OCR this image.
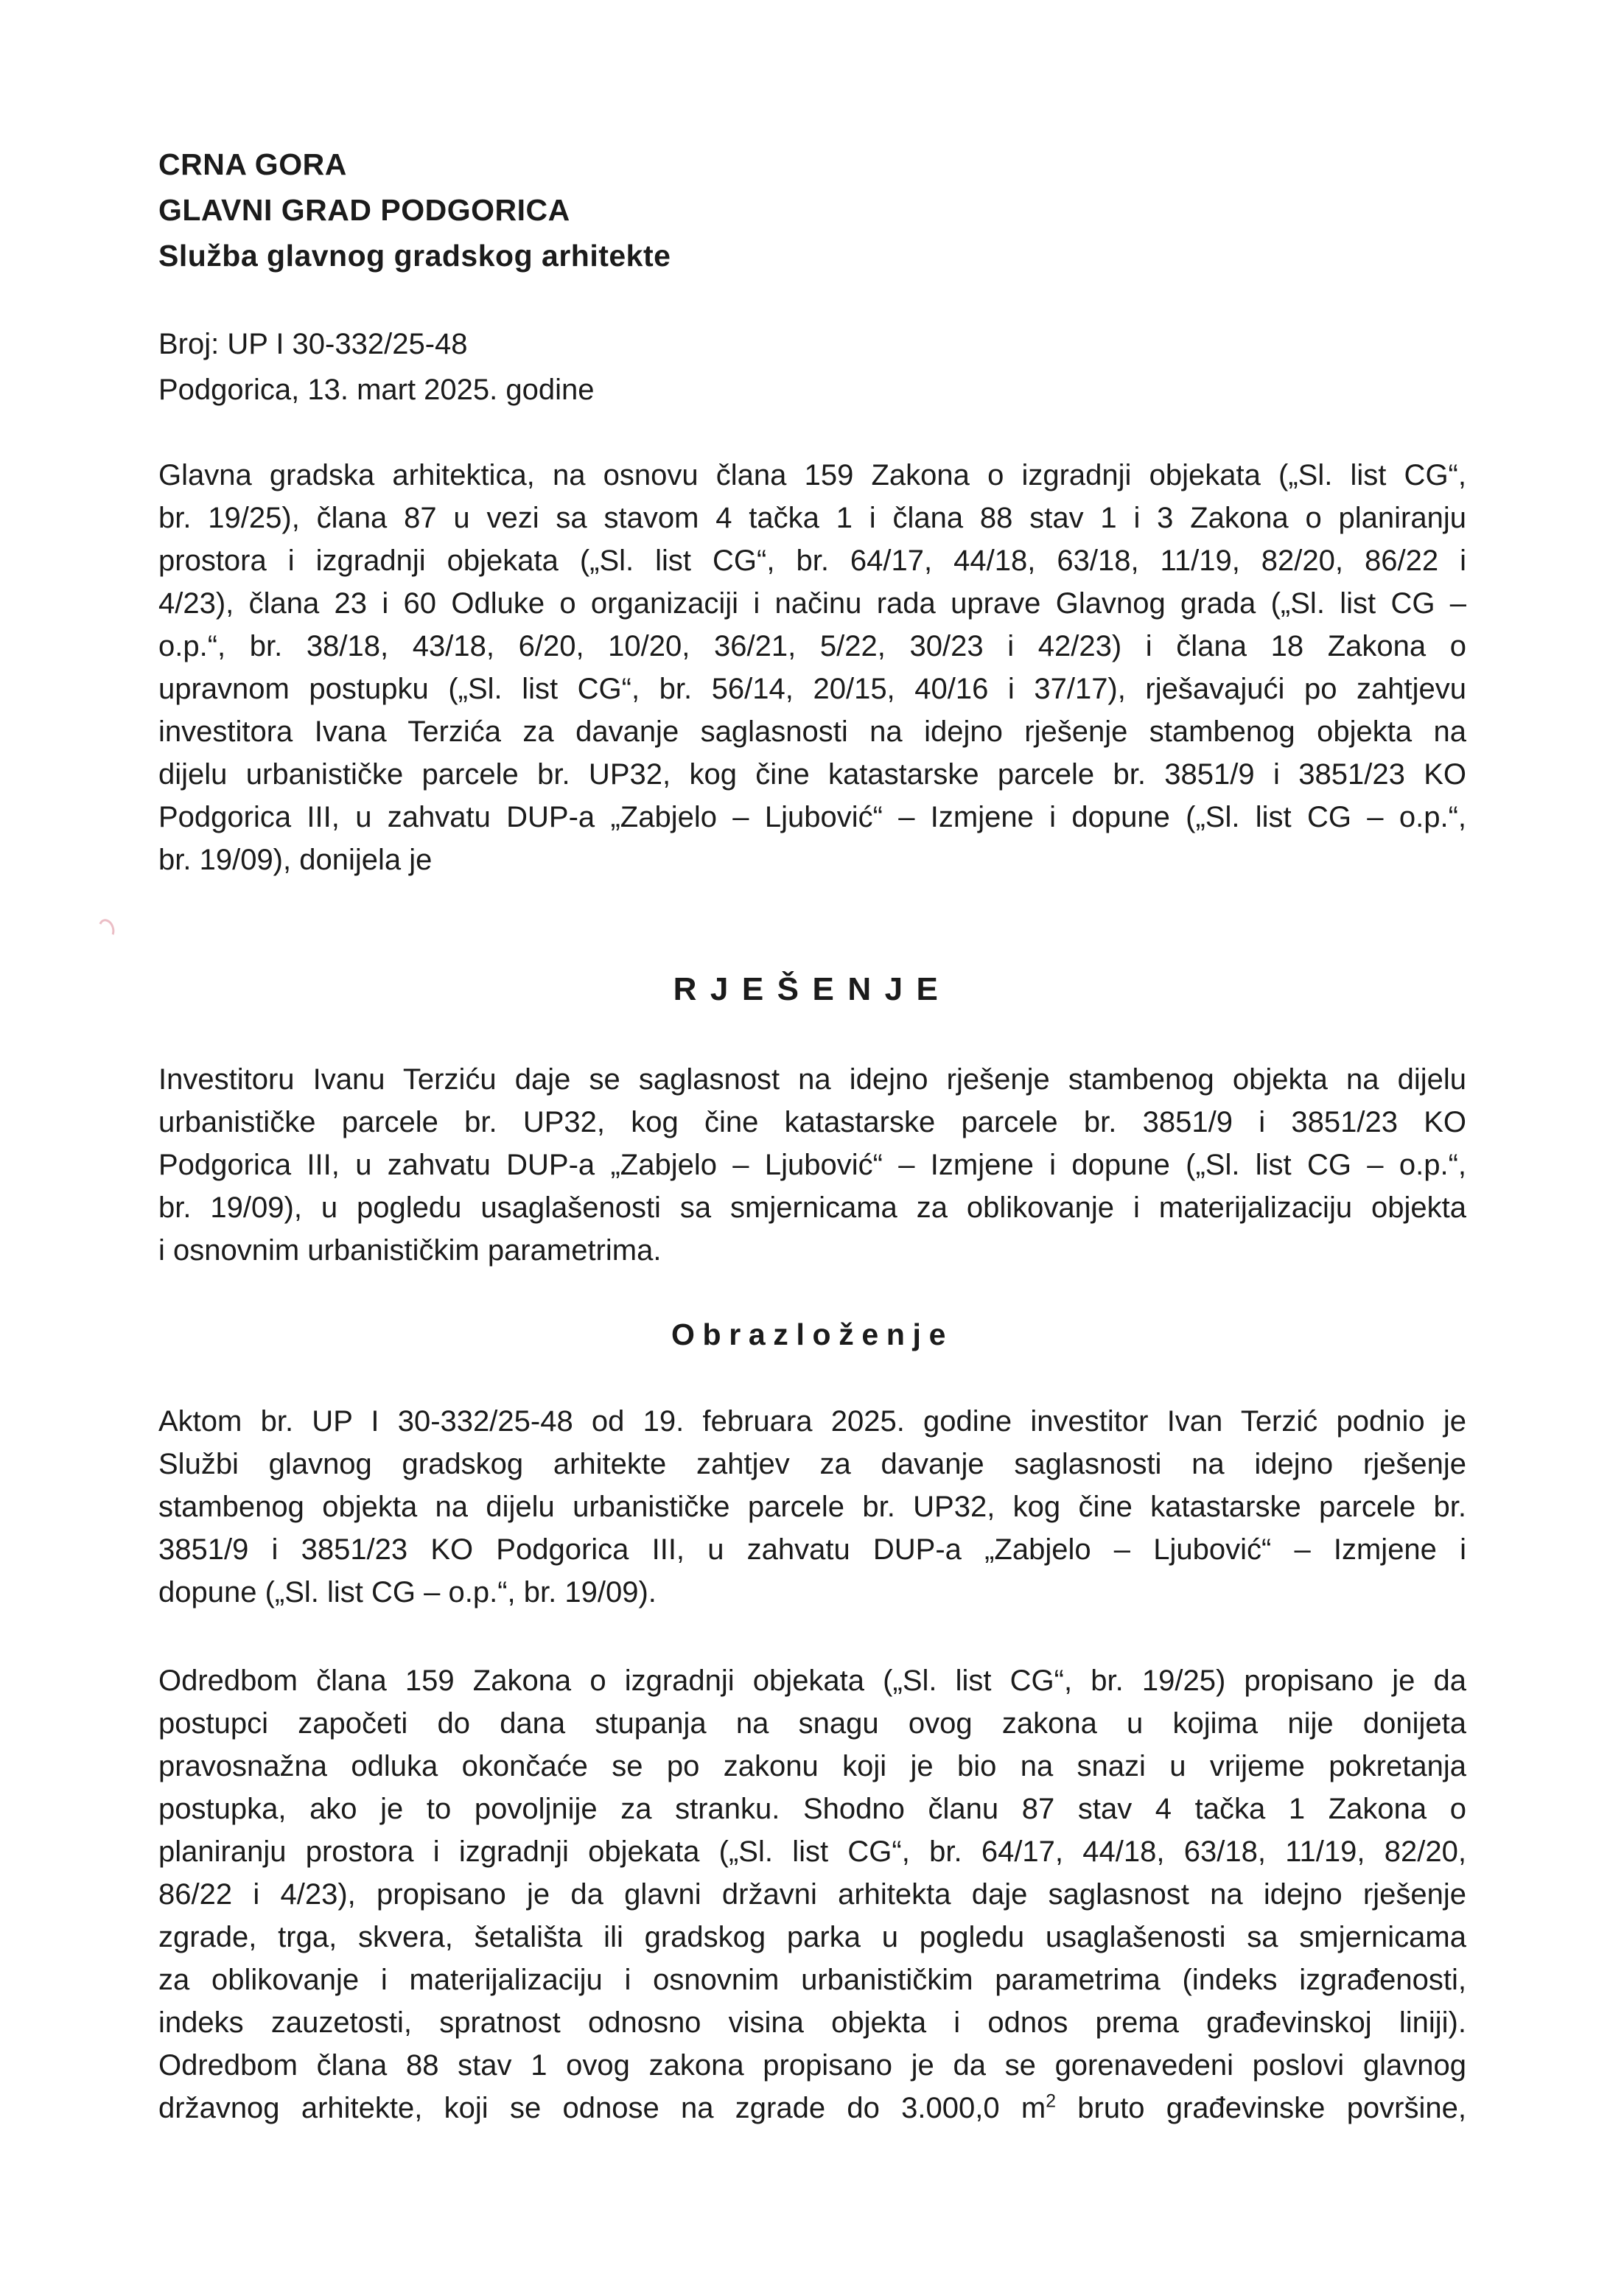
CRNA GORA
GLAVNI GRAD PODGORICA
Služba glavnog gradskog arhitekte
Broj: UP I 30-332/25-48
Podgorica, 13. mart 2025. godine
Glavna gradska arhitektica, na osnovu člana 159 Zakona o izgradnji objekata („Sl. list CG“,
br. 19/25), člana 87 u vezi sa stavom 4 tačka 1 i člana 88 stav 1 i 3 Zakona o planiranju
prostora i izgradnji objekata („Sl. list CG“, br. 64/17, 44/18, 63/18, 11/19, 82/20, 86/22 i
4/23), člana 23 i 60 Odluke o organizaciji i načinu rada uprave Glavnog grada („Sl. list CG –
o.p.“, br. 38/18, 43/18, 6/20, 10/20, 36/21, 5/22, 30/23 i 42/23) i člana 18 Zakona o
upravnom postupku („Sl. list CG“, br. 56/14, 20/15, 40/16 i 37/17), rješavajući po zahtjevu
investitora Ivana Terzića za davanje saglasnosti na idejno rješenje stambenog objekta na
dijelu urbanističke parcele br. UP32, kog čine katastarske parcele br. 3851/9 i 3851/23 KO
Podgorica III, u zahvatu DUP-a „Zabjelo – Ljubović“ – Izmjene i dopune („Sl. list CG – o.p.“,
br. 19/09), donijela je
RJEŠENJE
Investitoru Ivanu Terziću daje se saglasnost na idejno rješenje stambenog objekta na dijelu
urbanističke parcele br. UP32, kog čine katastarske parcele br. 3851/9 i 3851/23 KO
Podgorica III, u zahvatu DUP-a „Zabjelo – Ljubović“ – Izmjene i dopune („Sl. list CG – o.p.“,
br. 19/09), u pogledu usaglašenosti sa smjernicama za oblikovanje i materijalizaciju objekta
i osnovnim urbanističkim parametrima.
Obrazloženje
Aktom br. UP I 30-332/25-48 od 19. februara 2025. godine investitor Ivan Terzić podnio je
Službi glavnog gradskog arhitekte zahtjev za davanje saglasnosti na idejno rješenje
stambenog objekta na dijelu urbanističke parcele br. UP32, kog čine katastarske parcele br.
3851/9 i 3851/23 KO Podgorica III, u zahvatu DUP-a „Zabjelo – Ljubović“ – Izmjene i
dopune („Sl. list CG – o.p.“, br. 19/09).
Odredbom člana 159 Zakona o izgradnji objekata („Sl. list CG“, br. 19/25) propisano je da
postupci započeti do dana stupanja na snagu ovog zakona u kojima nije donijeta
pravosnažna odluka okončaće se po zakonu koji je bio na snazi u vrijeme pokretanja
postupka, ako je to povoljnije za stranku. Shodno članu 87 stav 4 tačka 1 Zakona o
planiranju prostora i izgradnji objekata („Sl. list CG“, br. 64/17, 44/18, 63/18, 11/19, 82/20,
86/22 i 4/23), propisano je da glavni državni arhitekta daje saglasnost na idejno rješenje
zgrade, trga, skvera, šetališta ili gradskog parka u pogledu usaglašenosti sa smjernicama
za oblikovanje i materijalizaciju i osnovnim urbanističkim parametrima (indeks izgrađenosti,
indeks zauzetosti, spratnost odnosno visina objekta i odnos prema građevinskoj liniji).
Odredbom člana 88 stav 1 ovog zakona propisano je da se gorenavedeni poslovi glavnog
državnog arhitekte, koji se odnose na zgrade do 3.000,0 $m^2$ bruto građevinske površine,
